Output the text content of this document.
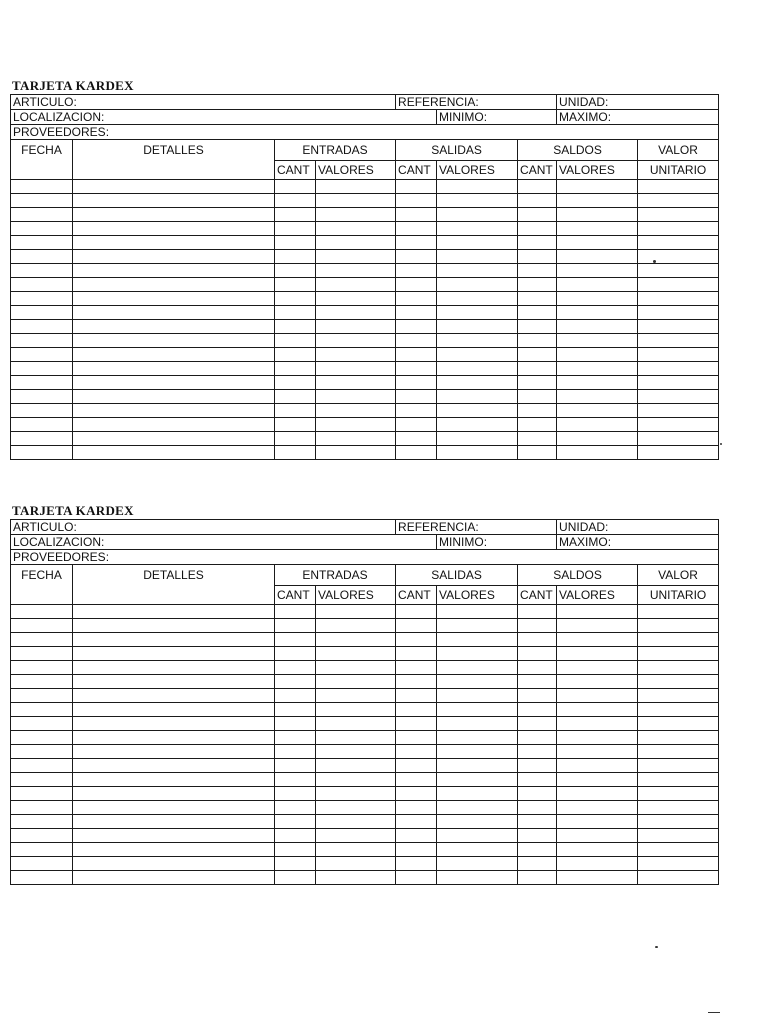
TARJETA KARDEX
ARTICULO:				REFERENCIA:			UNIDAD:	
LOCALIZACION:					MINIMO:		MAXIMO:	
PROVEEDORES:								
FECHA	DETALLES	ENTRADAS		SALIDAS		SALDOS		VALOR
		CANT	VALORES	CANT	VALORES	CANT	VALORES	UNITARIO

TARJETA KARDEX
ARTICULO:				REFERENCIA:			UNIDAD:	
LOCALIZACION:					MINIMO:		MAXIMO:	
PROVEEDORES:								
FECHA	DETALLES	ENTRADAS		SALIDAS		SALDOS		VALOR
		CANT	VALORES	CANT	VALORES	CANT	VALORES	UNITARIO
